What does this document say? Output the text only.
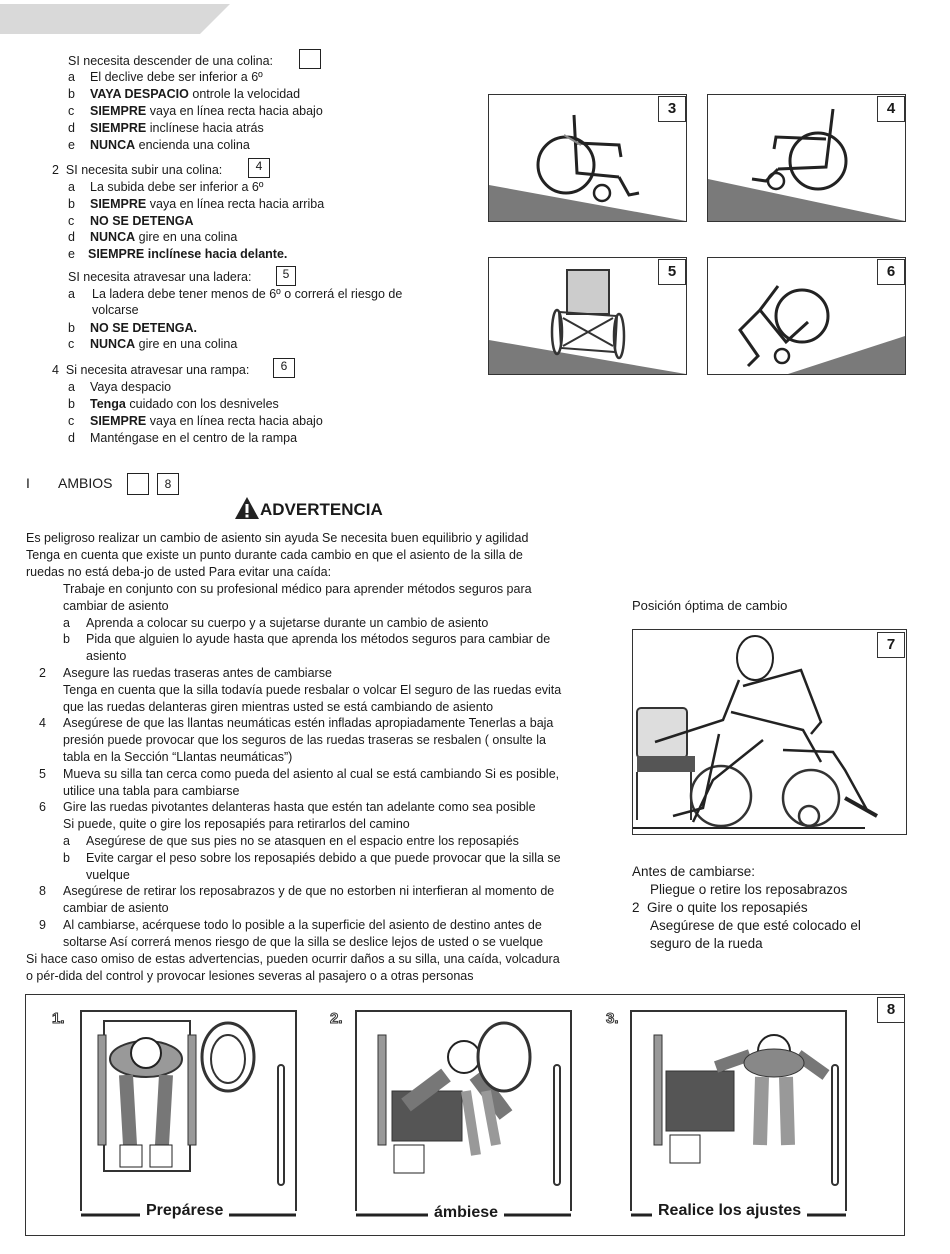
SI necesita descender de una colina:
a El declive debe ser inferior a 6º
b VAYA DESPACIO ontrole la velocidad
c SIEMPRE vaya en línea recta hacia abajo
d SIEMPRE inclínese hacia atrás
e NUNCA encienda una colina
2 SI necesita subir una colina:	4
a La subida debe ser inferior a 6º
b SIEMPRE vaya en línea recta hacia arriba
c NO SE DETENGA
d NUNCA gire en una colina
e SIEMPRE inclínese hacia delante.
SI necesita atravesar una ladera:	5
a La ladera debe tener menos de 6º o correrá el riesgo de
volcarse
b NO SE DETENGA.
c NUNCA gire en una colina
4 Si necesita atravesar una rampa:	6
a Vaya despacio
b Tenga cuidado con los desniveles
c SIEMPRE vaya en línea recta hacia abajo
d Manténgase en el centro de la rampa
3	4
5	6
I AMBIOS	8
ADVERTENCIA
Es peligroso realizar un cambio de asiento sin ayuda Se necesita buen equilibrio y agilidad
Tenga en cuenta que existe un punto durante cada cambio en que el asiento de la silla de
ruedas no está deba-jo de usted Para evitar una caída:
Trabaje en conjunto con su profesional médico para aprender métodos seguros para
cambiar de asiento
a Aprenda a colocar su cuerpo y a sujetarse durante un cambio de asiento
b Pida que alguien lo ayude hasta que aprenda los métodos seguros para cambiar de
asiento
2 Asegure las ruedas traseras antes de cambiarse
Tenga en cuenta que la silla todavía puede resbalar o volcar El seguro de las ruedas evita
que las ruedas delanteras giren mientras usted se está cambiando de asiento
4 Asegúrese de que las llantas neumáticas estén infladas apropiadamente Tenerlas a baja
presión puede provocar que los seguros de las ruedas traseras se resbalen ( onsulte la
tabla en la Sección “Llantas neumáticas”)
5 Mueva su silla tan cerca como pueda del asiento al cual se está cambiando Si es posible,
utilice una tabla para cambiarse
6 Gire las ruedas pivotantes delanteras hasta que estén tan adelante como sea posible
Si puede, quite o gire los reposapiés para retirarlos del camino
a Asegúrese de que sus pies no se atasquen en el espacio entre los reposapiés
b Evite cargar el peso sobre los reposapiés debido a que puede provocar que la silla se
vuelque
8 Asegúrese de retirar los reposabrazos y de que no estorben ni interfieran al momento de
cambiar de asiento
9 Al cambiarse, acérquese todo lo posible a la superficie del asiento de destino antes de
soltarse Así correrá menos riesgo de que la silla se deslice lejos de usted o se vuelque
Si hace caso omiso de estas advertencias, pueden ocurrir daños a su silla, una caída, volcadura
o pér-dida del control y provocar lesiones severas al pasajero o a otras personas
Posición óptima de cambio
7
Antes de cambiarse:
Pliegue o retire los reposabrazos
2 Gire o quite los reposapiés
Asegúrese de que esté colocado el
seguro de la rueda
8
1.	2.	3.
Prepárese	ámbiese	Realice los ajustes
